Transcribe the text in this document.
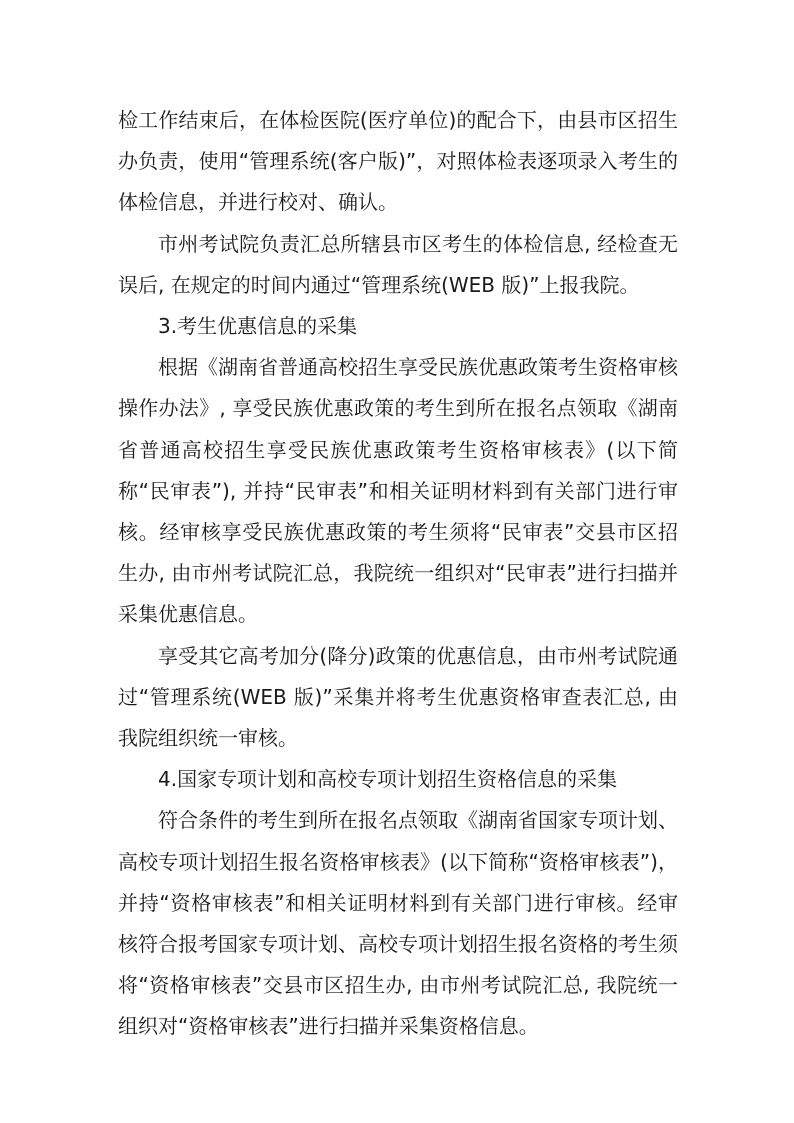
检工作结束后，在体检医院(医疗单位)的配合下，由县市区招生办负责，使用“管理系统(客户版)”，对照体检表逐项录入考生的体检信息，并进行校对、确认。

市州考试院负责汇总所辖县市区考生的体检信息, 经检查无误后, 在规定的时间内通过“管理系统(WEB 版)”上报我院。

3.考生优惠信息的采集

根据《湖南省普通高校招生享受民族优惠政策考生资格审核操作办法》, 享受民族优惠政策的考生到所在报名点领取《湖南省普通高校招生享受民族优惠政策考生资格审核表》(以下简称“民审表”), 并持“民审表”和相关证明材料到有关部门进行审核。经审核享受民族优惠政策的考生须将“民审表”交县市区招生办, 由市州考试院汇总，我院统一组织对“民审表”进行扫描并采集优惠信息。

享受其它高考加分(降分)政策的优惠信息，由市州考试院通过“管理系统(WEB 版)”采集并将考生优惠资格审查表汇总, 由我院组织统一审核。

4.国家专项计划和高校专项计划招生资格信息的采集

符合条件的考生到所在报名点领取《湖南省国家专项计划、高校专项计划招生报名资格审核表》(以下简称“资格审核表”)，并持“资格审核表”和相关证明材料到有关部门进行审核。经审核符合报考国家专项计划、高校专项计划招生报名资格的考生须将“资格审核表”交县市区招生办, 由市州考试院汇总, 我院统一组织对“资格审核表”进行扫描并采集资格信息。
